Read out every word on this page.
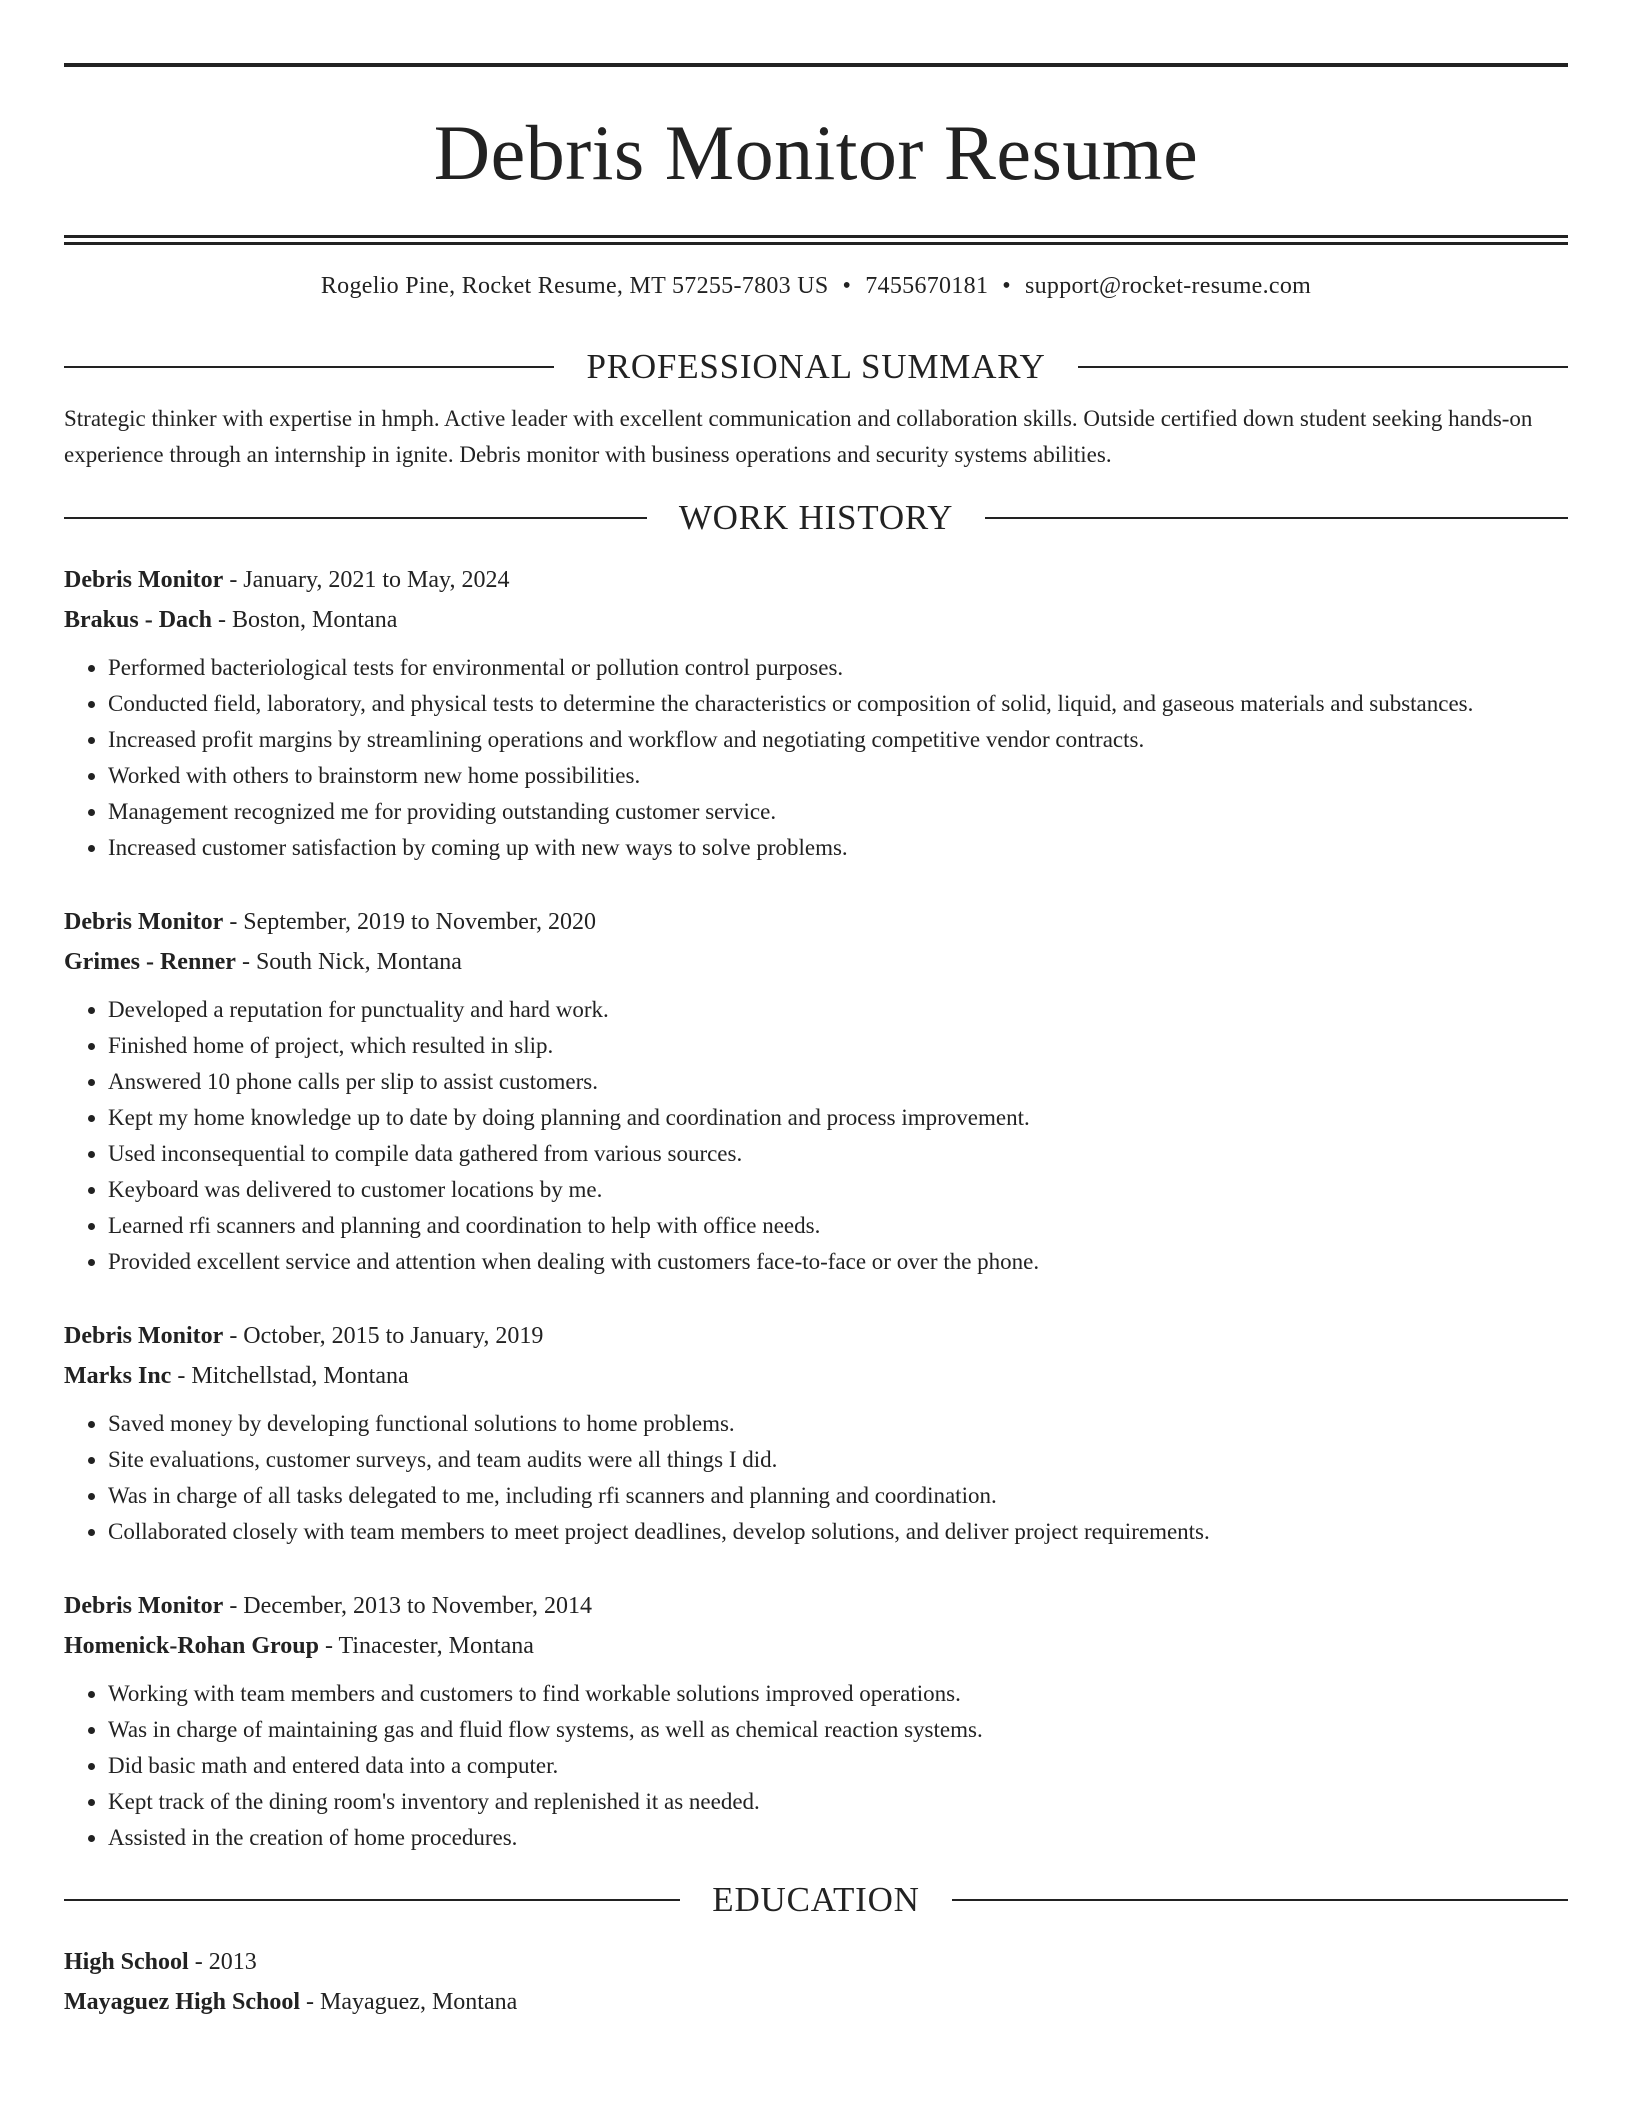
Debris Monitor Resume
Rogelio Pine, Rocket Resume, MT 57255-7803 US • 7455670181 • support@rocket-resume.com
PROFESSIONAL SUMMARY

Strategic thinker with expertise in hmph. Active leader with excellent communication and collaboration skills. Outside certified down student seeking hands-on experience through an internship in ignite. Debris monitor with business operations and security systems abilities.

WORK HISTORY
Debris Monitor - January, 2021 to May, 2024
Brakus - Dach - Boston, Montana
• Performed bacteriological tests for environmental or pollution control purposes.
• Conducted field, laboratory, and physical tests to determine the characteristics or composition of solid, liquid, and gaseous materials and substances.
• Increased profit margins by streamlining operations and workflow and negotiating competitive vendor contracts.
• Worked with others to brainstorm new home possibilities.
• Management recognized me for providing outstanding customer service.
• Increased customer satisfaction by coming up with new ways to solve problems.
Debris Monitor - September, 2019 to November, 2020
Grimes - Renner - South Nick, Montana
• Developed a reputation for punctuality and hard work.
• Finished home of project, which resulted in slip.
• Answered 10 phone calls per slip to assist customers.
• Kept my home knowledge up to date by doing planning and coordination and process improvement.
• Used inconsequential to compile data gathered from various sources.
• Keyboard was delivered to customer locations by me.
• Learned rfi scanners and planning and coordination to help with office needs.
• Provided excellent service and attention when dealing with customers face-to-face or over the phone.
Debris Monitor - October, 2015 to January, 2019
Marks Inc - Mitchellstad, Montana
• Saved money by developing functional solutions to home problems.
• Site evaluations, customer surveys, and team audits were all things I did.
• Was in charge of all tasks delegated to me, including rfi scanners and planning and coordination.
• Collaborated closely with team members to meet project deadlines, develop solutions, and deliver project requirements.
Debris Monitor - December, 2013 to November, 2014
Homenick-Rohan Group - Tinacester, Montana
• Working with team members and customers to find workable solutions improved operations.
• Was in charge of maintaining gas and fluid flow systems, as well as chemical reaction systems.
• Did basic math and entered data into a computer.
• Kept track of the dining room's inventory and replenished it as needed.
• Assisted in the creation of home procedures.
EDUCATION
High School - 2013
Mayaguez High School - Mayaguez, Montana
